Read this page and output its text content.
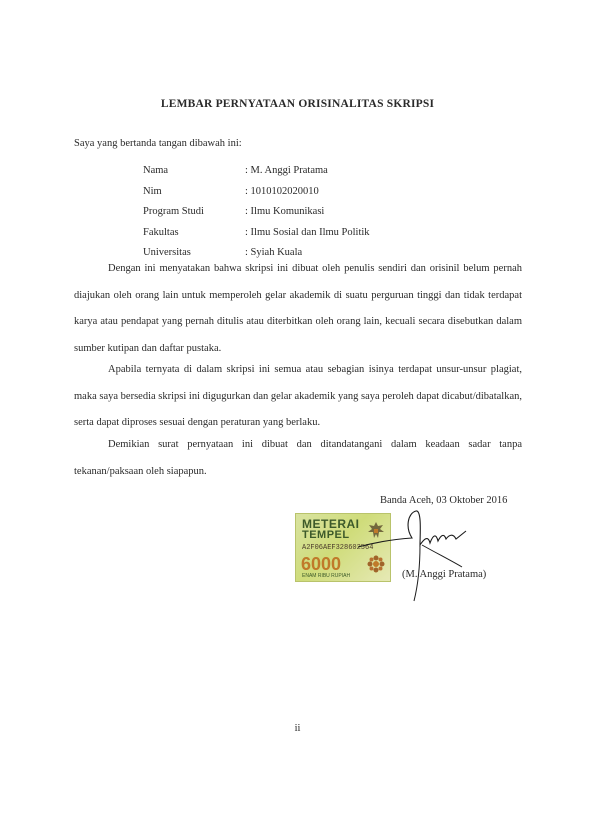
LEMBAR PERNYATAAN ORISINALITAS SKRIPSI
Saya yang bertanda tangan dibawah ini:
Nama	: M. Anggi Pratama
Nim	: 1010102020010
Program Studi	: Ilmu Komunikasi
Fakultas	: Ilmu Sosial dan Ilmu Politik
Universitas	: Syiah Kuala

Dengan ini menyatakan bahwa skripsi ini dibuat oleh penulis sendiri dan orisinil belum pernah diajukan oleh orang lain untuk memperoleh gelar akademik di suatu perguruan tinggi dan tidak terdapat karya atau pendapat yang pernah ditulis atau diterbitkan oleh orang lain, kecuali secara disebutkan dalam sumber kutipan dan daftar pustaka.

Apabila ternyata di dalam skripsi ini semua atau sebagian isinya terdapat unsur-unsur plagiat, maka saya bersedia skripsi ini digugurkan dan gelar akademik yang saya peroleh dapat dicabut/dibatalkan, serta dapat diproses sesuai dengan peraturan yang berlaku.

Demikian surat pernyataan ini dibuat dan ditandatangani dalam keadaan sadar tanpa tekanan/paksaan oleh siapapun.

Banda Aceh, 03 Oktober 2016
METERAI
TEMPEL
A2F06AEF328602564
6000
ENAM RIBU RUPIAH	(M. Anggi Pratama)
ii
